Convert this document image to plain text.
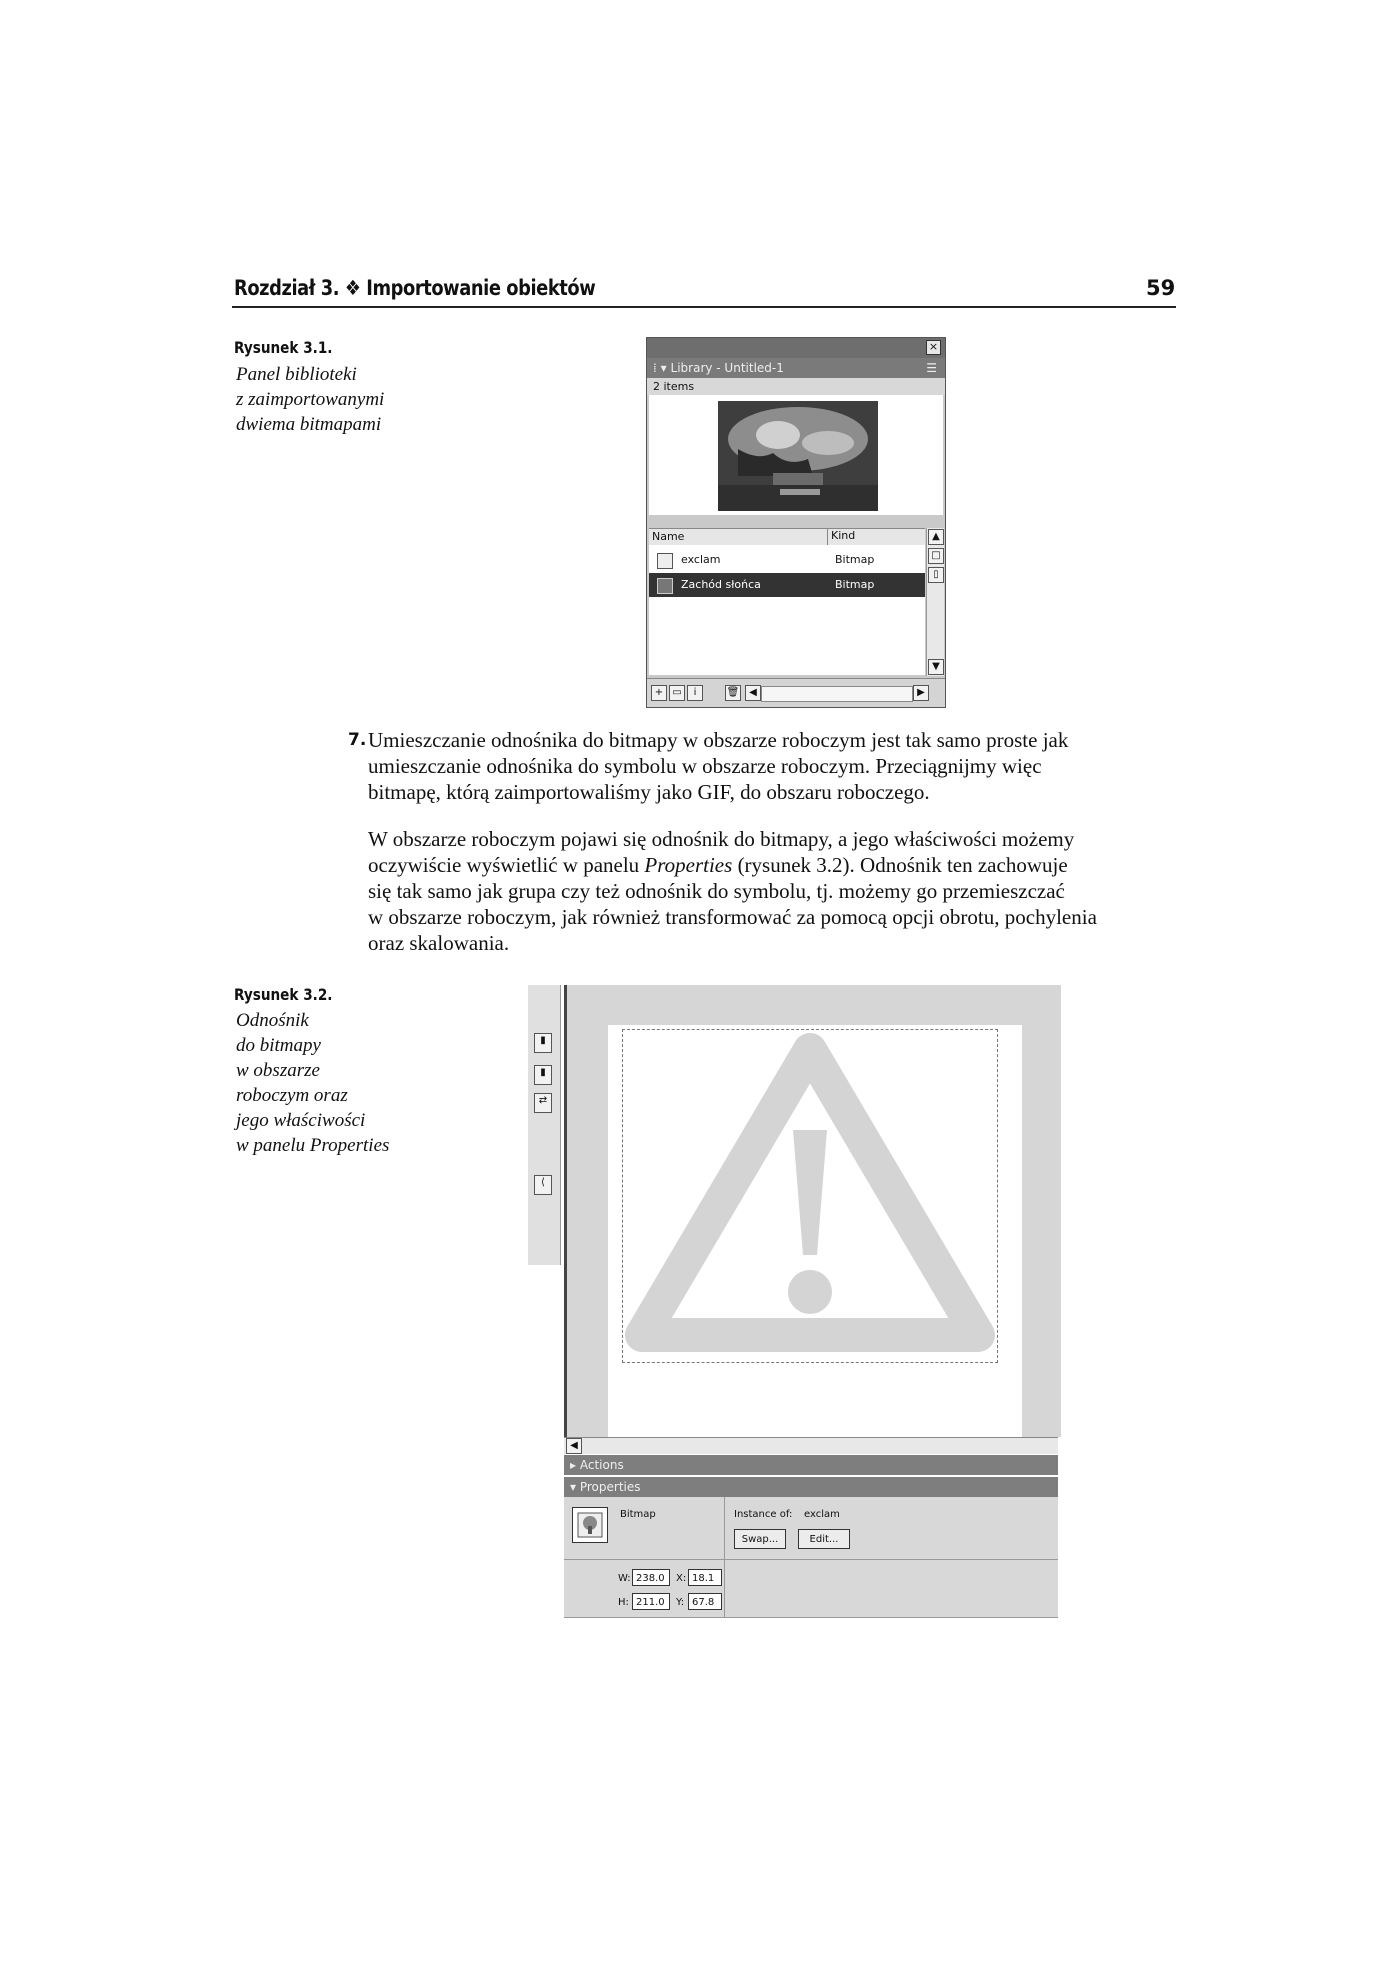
Rozdział 3. ❖ Importowanie obiektów	59
Rysunek 3.1.
Panel biblioteki
z zaimportowanymi
dwiema bitmapami
×
⁞ ▾ Library - Untitled-1	☰
2 items
Name	Kind
exclam	Bitmap
Zachód słońca	Bitmap
▲
□
▯
▼
+ ▭	i	🗑 ◀	▶
7. Umieszczanie odnośnika do bitmapy w obszarze roboczym jest tak samo proste jak
umieszczanie odnośnika do symbolu w obszarze roboczym. Przeciągnijmy więc
bitmapę, którą zaimportowaliśmy jako GIF, do obszaru roboczego.
W obszarze roboczym pojawi się odnośnik do bitmapy, a jego właściwości możemy
oczywiście wyświetlić w panelu Properties (rysunek 3.2). Odnośnik ten zachowuje
się tak samo jak grupa czy też odnośnik do symbolu, tj. możemy go przemieszczać
w obszarze roboczym, jak również transformować za pomocą opcji obrotu, pochylenia
oraz skalowania.
Rysunek 3.2.
Odnośnik
do bitmapy
w obszarze
roboczym oraz
jego właściwości
w panelu Properties
▮
▮
⇄
⟨
◀
▸ Actions
▾ Properties
Bitmap	Instance of: exclam
Swap...	Edit...
W: 238.0	X: 18.1
H: 211.0	Y: 67.8
